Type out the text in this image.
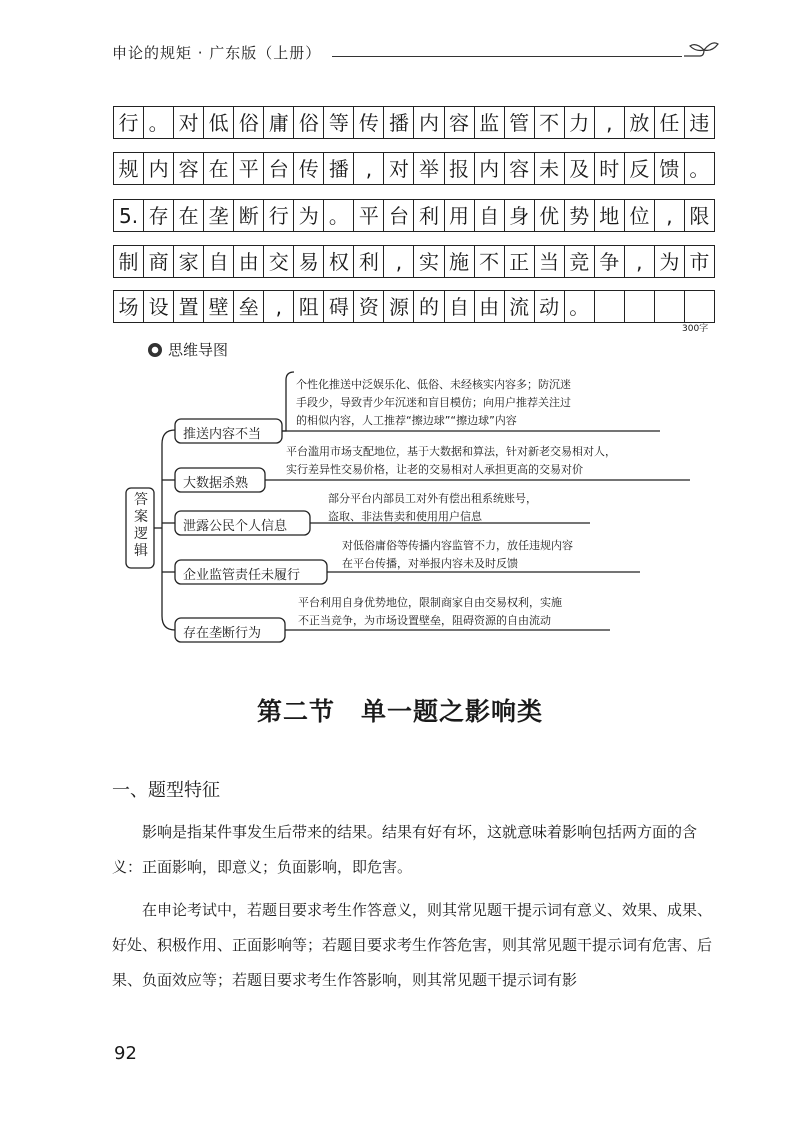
申论的规矩 · 广东版（上册）
行 。 对 低 俗 庸 俗 等 传 播 内 容 监 管 不 力 , 放 任 违
规 内 容 在 平 台 传 播 , 对 举 报 内 容 未 及 时 反 馈 。
5. 存 在 垄 断 行 为 。 平 台 利 用 自 身 优 势 地 位 , 限
制 商 家 自 由 交 易 权 利 , 实 施 不 正 当 竞 争 , 为 市
场 设 置 壁 垒 , 阻 碍 资 源 的 自 由 流 动 。
300字
思维导图
答案逻辑
推送内容不当
个性化推送中泛娱乐化、低俗、未经核实内容多；防沉迷
手段少，导致青少年沉迷和盲目模仿；向用户推荐关注过
的相似内容，人工推荐“擦边球”“擦边球”内容
大数据杀熟
平台滥用市场支配地位，基于大数据和算法，针对新老交易相对人，
实行差异性交易价格，让老的交易相对人承担更高的交易对价
泄露公民个人信息
部分平台内部员工对外有偿出租系统账号，
盗取、非法售卖和使用用户信息
企业监管责任未履行
对低俗庸俗等传播内容监管不力，放任违规内容
在平台传播，对举报内容未及时反馈
存在垄断行为
平台利用自身优势地位，限制商家自由交易权利，实施
不正当竞争，为市场设置壁垒，阻碍资源的自由流动
第二节　单一题之影响类
一、题型特征

影响是指某件事发生后带来的结果。结果有好有坏，这就意味着影响包括两方面的含义：正面影响，即意义；负面影响，即危害。

在申论考试中，若题目要求考生作答意义，则其常见题干提示词有意义、效果、成果、好处、积极作用、正面影响等；若题目要求考生作答危害，则其常见题干提示词有危害、后果、负面效应等；若题目要求考生作答影响，则其常见题干提示词有影

92
